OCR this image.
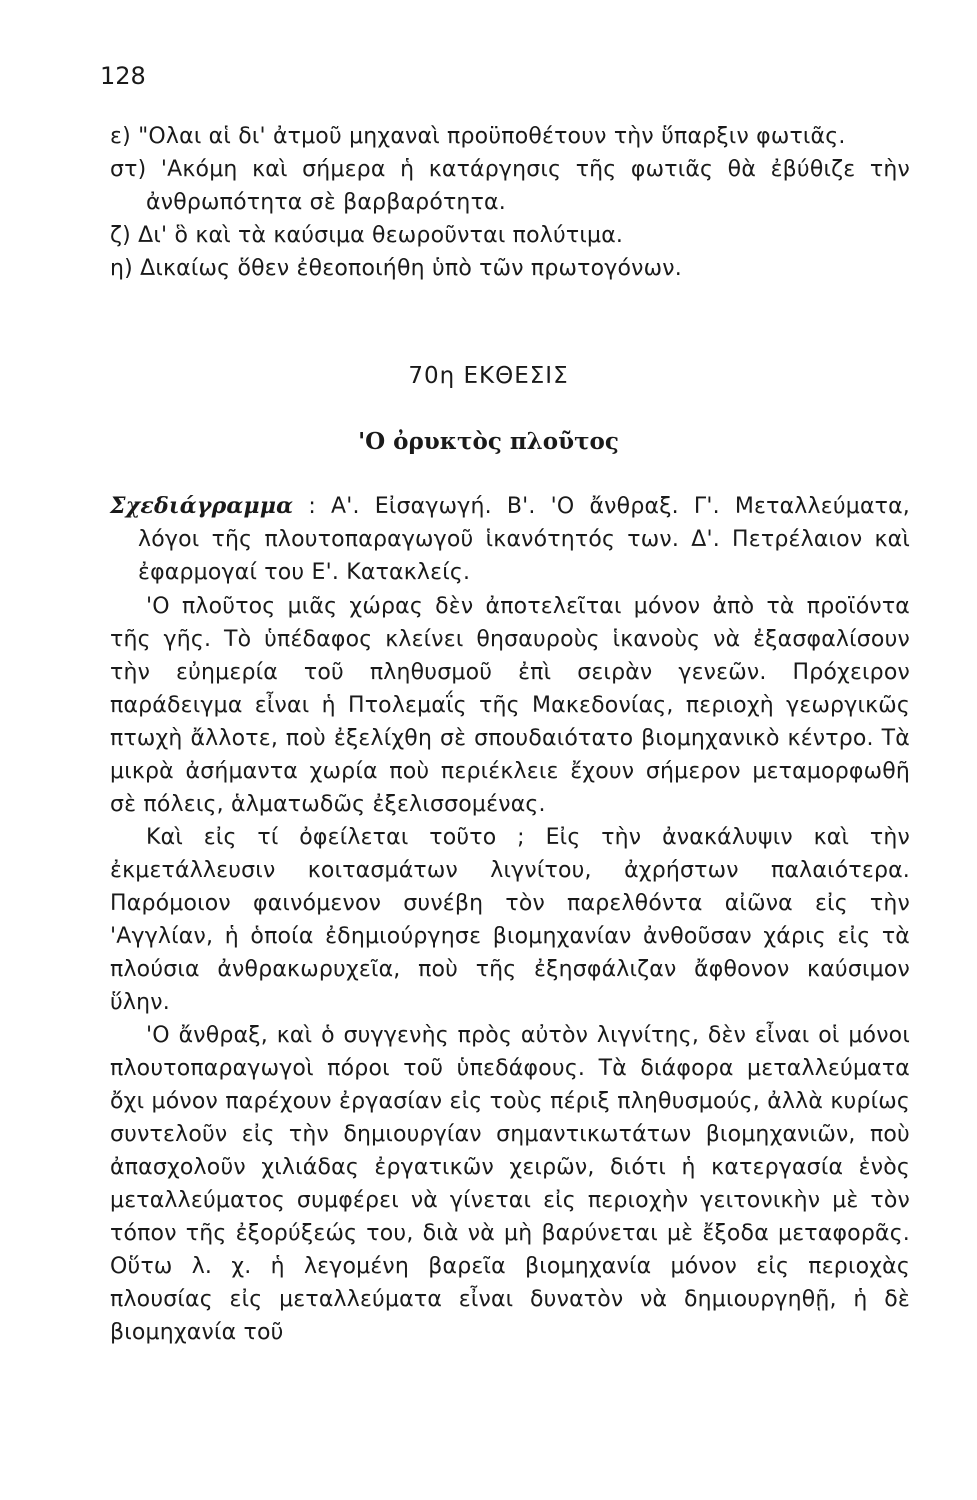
128

ε) "Ολαι αἱ δι' ἀτμοῦ μηχαναὶ προϋποθέτουν τὴν ὕπαρξιν φωτιᾶς.

στ) 'Ακόμη καὶ σήμερα ἡ κατάργησις τῆς φωτιᾶς θὰ ἐβύθιζε τὴν ἀνθρωπότητα σὲ βαρβαρότητα.

ζ) Δι' ὃ καὶ τὰ καύσιμα θεωροῦνται πολύτιμα.

η) Δικαίως ὅθεν ἐθεοποιήθη ὑπὸ τῶν πρωτογόνων.

70η ΕΚΘΕΣΙΣ
'Ο ὀρυκτὸς πλοῦτος

Σχεδιάγραμμα : Α'. Εἰσαγωγή. Β'. 'Ο ἄνθραξ. Γ'. Μεταλλεύματα, λόγοι τῆς πλουτοπαραγωγοῦ ἱκανότητός των. Δ'. Πετρέλαιον καὶ ἐφαρμογαί του Ε'. Κατακλείς.

'Ο πλοῦτος μιᾶς χώρας δὲν ἀποτελεῖται μόνον ἀπὸ τὰ προϊόντα τῆς γῆς. Τὸ ὑπέδαφος κλείνει θησαυροὺς ἱκανοὺς νὰ ἐξασφαλίσουν τὴν εὐημερία τοῦ πληθυσμοῦ ἐπὶ σειρὰν γενεῶν. Πρόχειρον παράδειγμα εἶναι ἡ Πτολεμαΐς τῆς Μακεδονίας, περιοχὴ γεωργικῶς πτωχὴ ἄλλοτε, ποὺ ἐξελίχθη σὲ σπουδαιότατο βιομηχανικὸ κέντρο. Τὰ μικρὰ ἀσήμαντα χωρία ποὺ περιέκλειε ἔχουν σήμερον μεταμορφωθῆ σὲ πόλεις, ἁλματωδῶς ἐξελισσομένας.

Καὶ εἰς τί ὀφείλεται τοῦτο ; Εἰς τὴν ἀνακάλυψιν καὶ τὴν ἐκμετάλλευσιν κοιτασμάτων λιγνίτου, ἀχρήστων παλαιότερα. Παρόμοιον φαινόμενον συνέβη τὸν παρελθόντα αἰῶνα εἰς τὴν 'Αγγλίαν, ἡ ὁποία ἐδημιούργησε βιομηχανίαν ἀνθοῦσαν χάρις εἰς τὰ πλούσια ἀνθρακωρυχεῖα, ποὺ τῆς ἐξησφάλιζαν ἄφθονον καύσιμον ὕλην.

'Ο ἄνθραξ, καὶ ὁ συγγενὴς πρὸς αὐτὸν λιγνίτης, δὲν εἶναι οἱ μόνοι πλουτοπαραγωγοὶ πόροι τοῦ ὑπεδάφους. Τὰ διάφορα μεταλλεύματα ὄχι μόνον παρέχουν ἐργασίαν εἰς τοὺς πέριξ πληθυσμούς, ἀλλὰ κυρίως συντελοῦν εἰς τὴν δημιουργίαν σημαντικωτάτων βιομηχανιῶν, ποὺ ἀπασχολοῦν χιλιάδας ἐργατικῶν χειρῶν, διότι ἡ κατεργασία ἑνὸς μεταλλεύματος συμφέρει νὰ γίνεται εἰς περιοχὴν γειτονικὴν μὲ τὸν τόπον τῆς ἐξορύξεώς του, διὰ νὰ μὴ βαρύνεται μὲ ἔξοδα μεταφορᾶς. Οὕτω λ. χ. ἡ λεγομένη βαρεῖα βιομηχανία μόνον εἰς περιοχὰς πλουσίας εἰς μεταλλεύματα εἶναι δυνατὸν νὰ δημιουργηθῇ, ἡ δὲ βιομηχανία τοῦ
